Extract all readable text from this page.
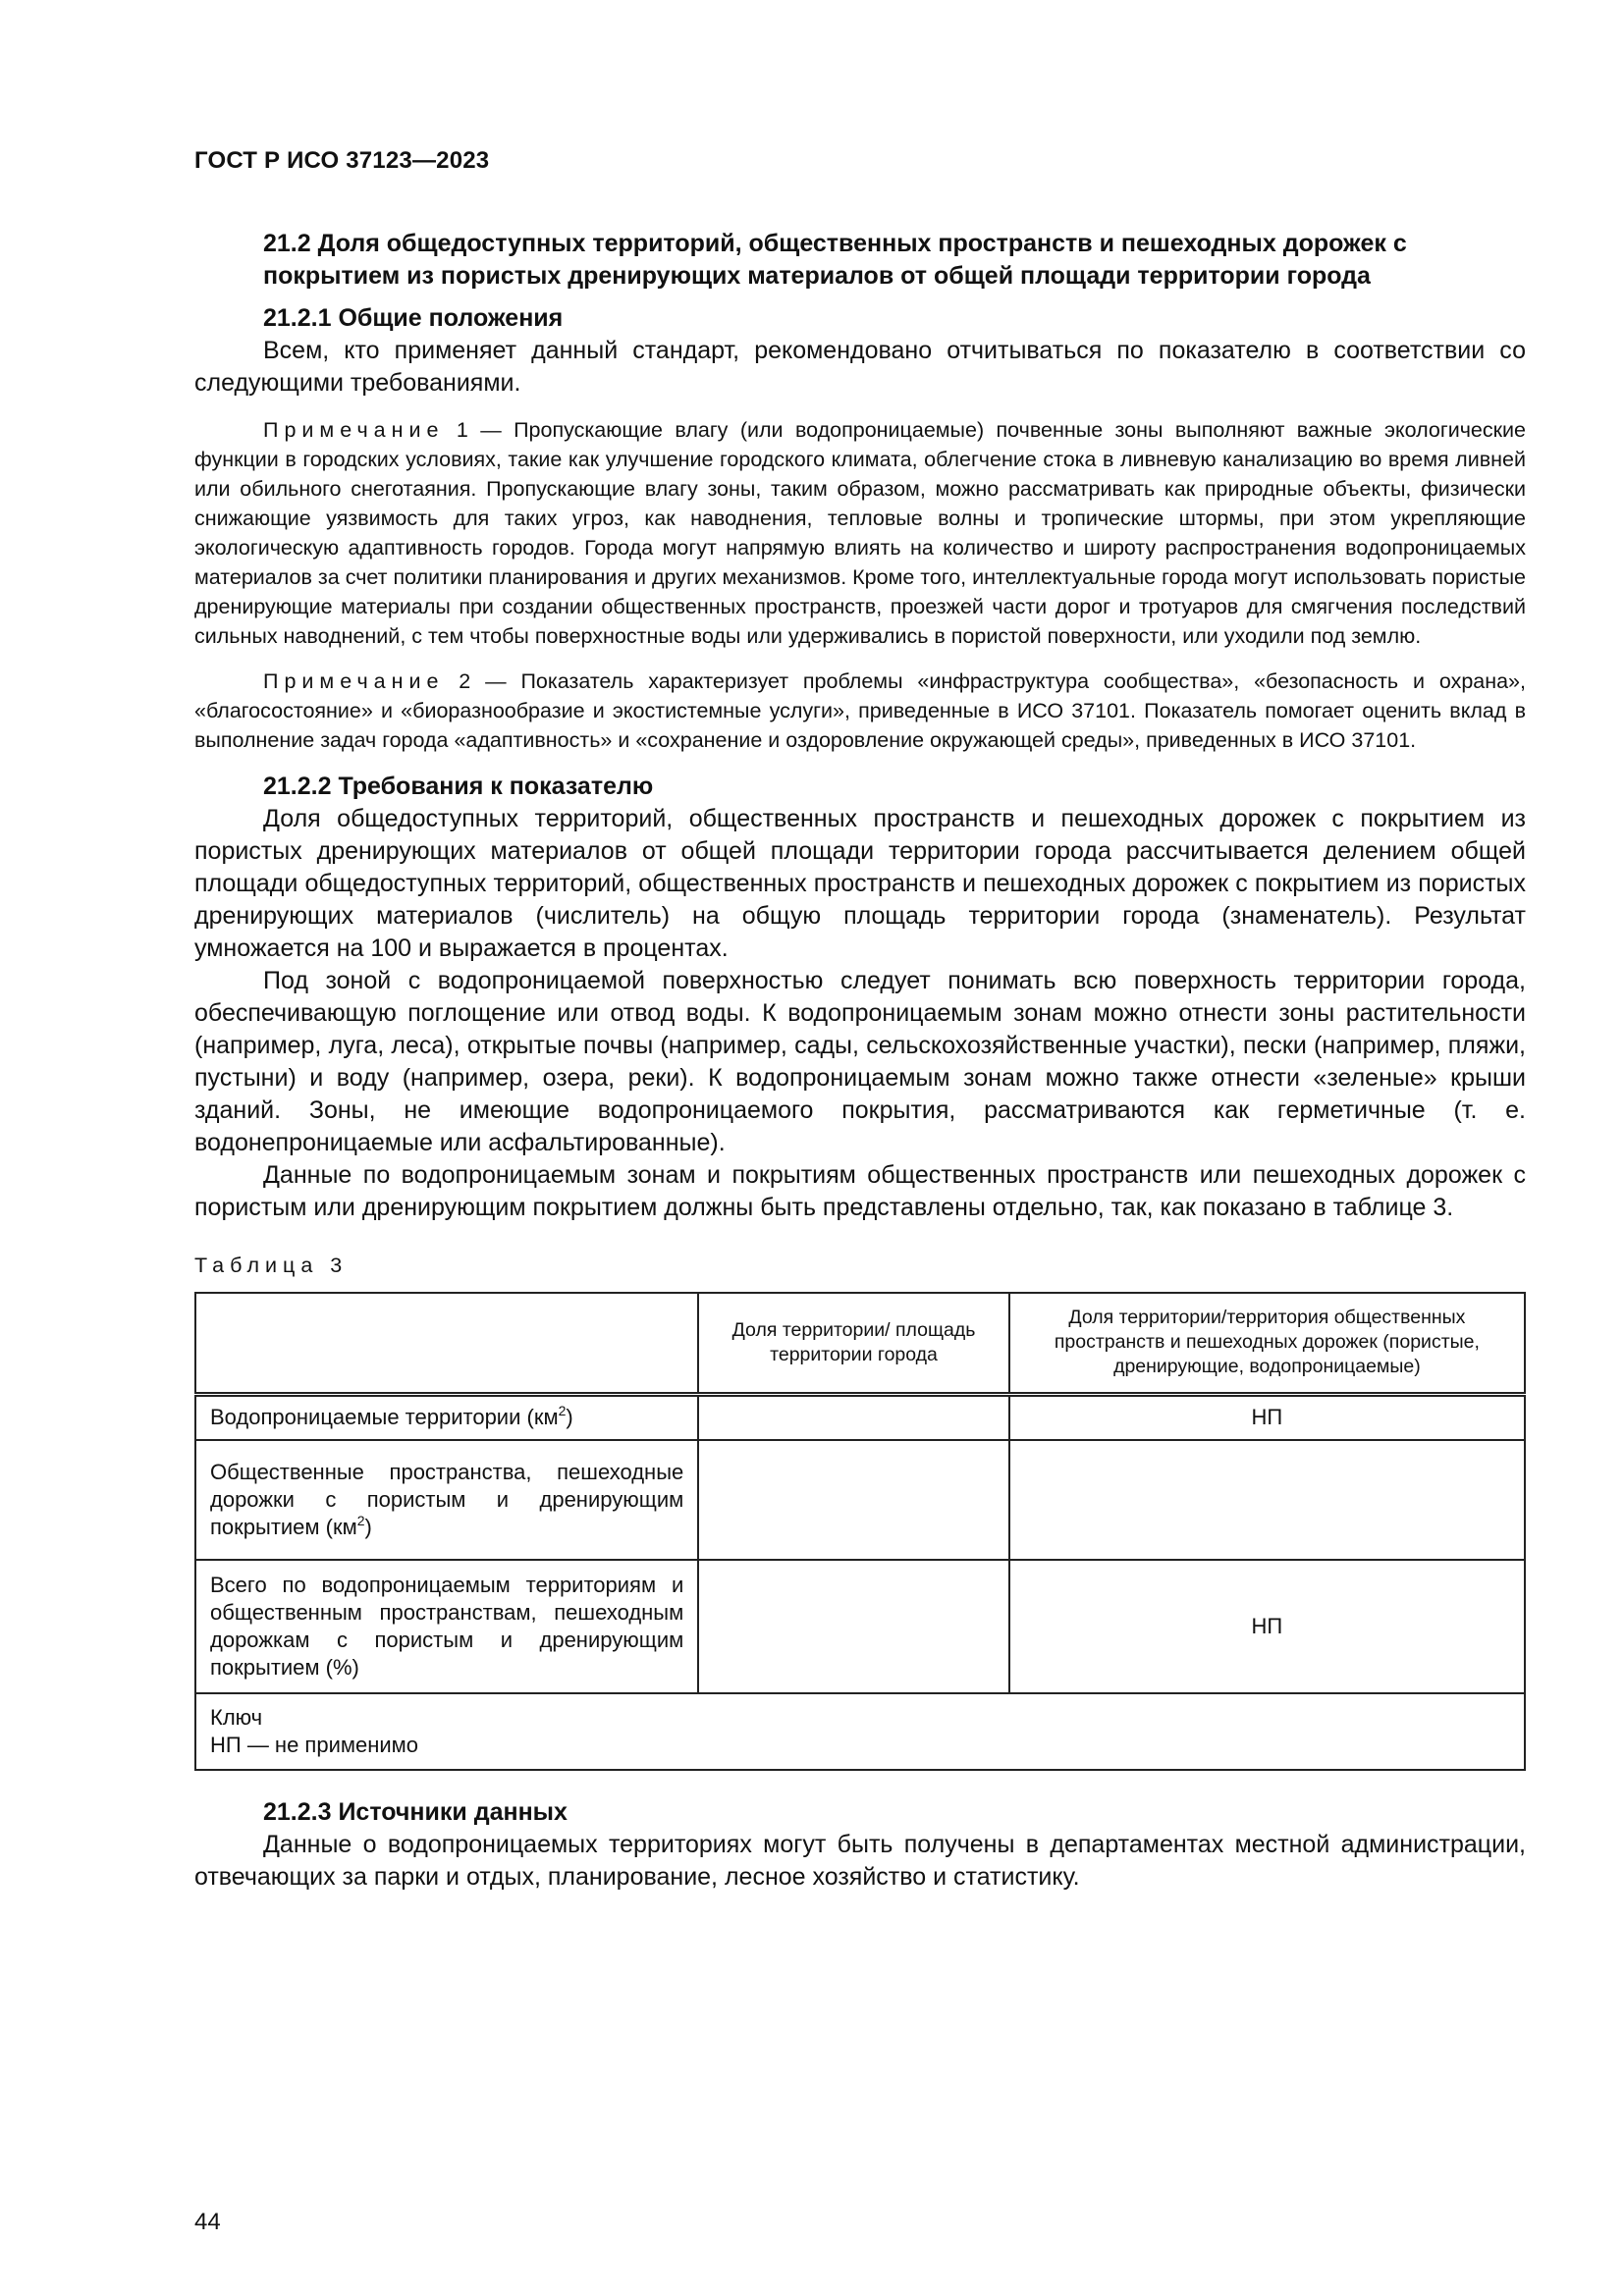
ГОСТ Р ИСО 37123—2023

21.2 Доля общедоступных территорий, общественных пространств и пешеходных дорожек с покрытием из пористых дренирующих материалов от общей площади территории города

21.2.1 Общие положения

Всем, кто применяет данный стандарт, рекомендовано отчитываться по показателю в соответствии со следующими требованиями.

Примечание 1 — Пропускающие влагу (или водопроницаемые) почвенные зоны выполняют важные экологические функции в городских условиях, такие как улучшение городского климата, облегчение стока в ливневую канализацию во время ливней или обильного снеготаяния. Пропускающие влагу зоны, таким образом, можно рассматривать как природные объекты, физически снижающие уязвимость для таких угроз, как наводнения, тепловые волны и тропические штормы, при этом укрепляющие экологическую адаптивность городов. Города могут напрямую влиять на количество и широту распространения водопроницаемых материалов за счет политики планирования и других механизмов. Кроме того, интеллектуальные города могут использовать пористые дренирующие материалы при создании общественных пространств, проезжей части дорог и тротуаров для смягчения последствий сильных наводнений, с тем чтобы поверхностные воды или удерживались в пористой поверхности, или уходили под землю.

Примечание 2 — Показатель характеризует проблемы «инфраструктура сообщества», «безопасность и охрана», «благосостояние» и «биоразнообразие и экостистемные услуги», приведенные в ИСО 37101. Показатель помогает оценить вклад в выполнение задач города «адаптивность» и «сохранение и оздоровление окружающей среды», приведенных в ИСО 37101.

21.2.2 Требования к показателю

Доля общедоступных территорий, общественных пространств и пешеходных дорожек с покрытием из пористых дренирующих материалов от общей площади территории города рассчитывается делением общей площади общедоступных территорий, общественных пространств и пешеходных дорожек с покрытием из пористых дренирующих материалов (числитель) на общую площадь территории города (знаменатель). Результат умножается на 100 и выражается в процентах.

Под зоной с водопроницаемой поверхностью следует понимать всю поверхность территории города, обеспечивающую поглощение или отвод воды. К водопроницаемым зонам можно отнести зоны растительности (например, луга, леса), открытые почвы (например, сады, сельскохозяйственные участки), пески (например, пляжи, пустыни) и воду (например, озера, реки). К водопроницаемым зонам можно также отнести «зеленые» крыши зданий. Зоны, не имеющие водопроницаемого покрытия, рассматриваются как герметичные (т. е. водонепроницаемые или асфальтированные).

Данные по водопроницаемым зонам и покрытиям общественных пространств или пешеходных дорожек с пористым или дренирующим покрытием должны быть представлены отдельно, так, как показано в таблице 3.

Таблица 3

	Доля территории/ площадь территории города	Доля территории/территория общественных пространств и пешеходных дорожек (пористые, дренирующие, водопроницаемые)
Водопроницаемые территории $(км^2)$		НП
Общественные пространства, пешеходные дорожки с пористым и дренирующим покрытием $(км^2)$		
Всего по водопроницаемым территориям и общественным пространствам, пешеходным дорожкам с пористым и дренирующим покрытием (%)		НП

Ключ
НП — не применимо		

21.2.3 Источники данных

Данные о водопроницаемых территориях могут быть получены в департаментах местной администрации, отвечающих за парки и отдых, планирование, лесное хозяйство и статистику.

44
